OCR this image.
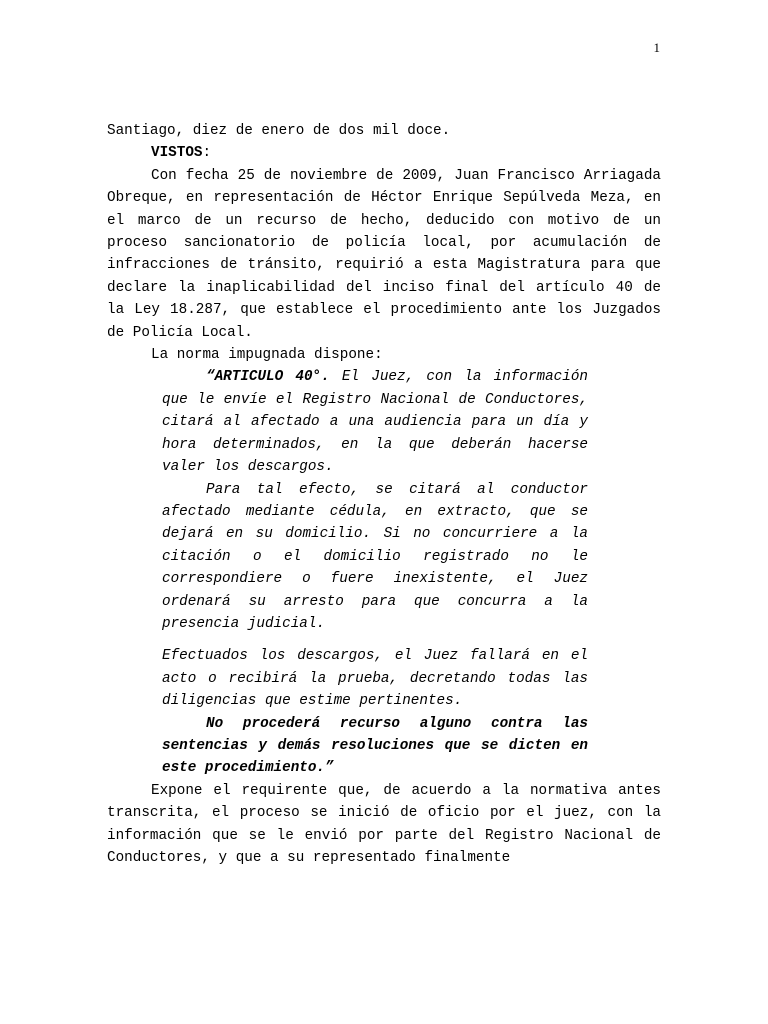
1

Santiago, diez de enero de dos mil doce.

VISTOS:

Con fecha 25 de noviembre de 2009, Juan Francisco Arriagada Obreque, en representación de Héctor Enrique Sepúlveda Meza, en el marco de un recurso de hecho, deducido con motivo de un proceso sancionatorio de policía local, por acumulación de infracciones de tránsito, requirió a esta Magistratura para que declare la inaplicabilidad del inciso final del artículo 40 de la Ley 18.287, que establece el procedimiento ante los Juzgados de Policía Local.

La norma impugnada dispone:

“ARTICULO 40°. El Juez, con la información que le envíe el Registro Nacional de Conductores, citará al afectado a una audiencia para un día y hora determinados, en la que deberán hacerse valer los descargos.

Para tal efecto, se citará al conductor afectado mediante cédula, en extracto, que se dejará en su domicilio. Si no concurriere a la citación o el domicilio registrado no le correspondiere o fuere inexistente, el Juez ordenará su arresto para que concurra a la presencia judicial.

Efectuados los descargos, el Juez fallará en el acto o recibirá la prueba, decretando todas las diligencias que estime pertinentes.

No procederá recurso alguno contra las sentencias y demás resoluciones que se dicten en este procedimiento.”

Expone el requirente que, de acuerdo a la normativa antes transcrita, el proceso se inició de oficio por el juez, con la información que se le envió por parte del Registro Nacional de Conductores, y que a su representado finalmente
